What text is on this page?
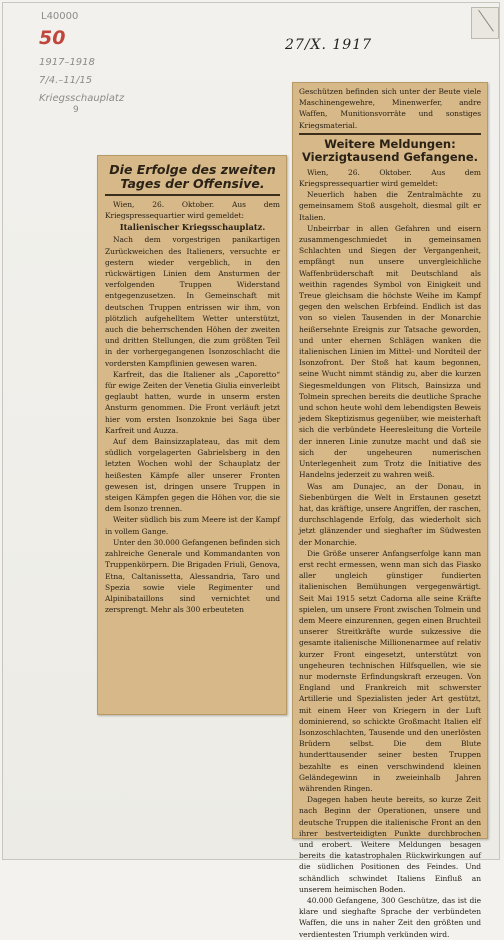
L40000
50
1917–1918
7/4.–11/15
Kriegsschauplatz
9
27/X. 1917
Die Erfolge des zweiten Tages der Offensive.

Wien, 26. Oktober. Aus dem Kriegspressequartier wird gemeldet:

Italienischer Kriegsschauplatz.

Nach dem vorgestrigen panikartigen Zurückweichen des Italieners, versuchte er gestern wieder vergeblich, in den rückwärtigen Linien dem Ansturmen der verfolgenden Truppen Widerstand entgegenzusetzen. In Gemeinschaft mit deutschen Truppen entrissen wir ihm, von plötzlich aufgehelltem Wetter unterstützt, auch die beherrschenden Höhen der zweiten und dritten Stellungen, die zum größten Teil in der vorhergegangenen Isonzoschlacht die vordersten Kampflinien gewesen waren.

Karfreit, das die Italiener als „Caporetto“ für ewige Zeiten der Venetia Giulia einverleibt geglaubt hatten, wurde in unserm ersten Ansturm genommen. Die Front verläuft jetzt hier vom ersten Isonzoknie bei Saga über Karfreit und Auzza.

Auf dem Bainsizzaplateau, das mit dem südlich vorgelagerten Gabrielsberg in den letzten Wochen wohl der Schauplatz der heißesten Kämpfe aller unserer Fronten gewesen ist, dringen unsere Truppen in steigen Kämpfen gegen die Höhen vor, die sie dem Isonzo trennen.

Weiter südlich bis zum Meere ist der Kampf in vollem Gange.

Unter den 30.000 Gefangenen befinden sich zahlreiche Generale und Kommandanten von Truppenkörpern. Die Brigaden Friuli, Genova, Etna, Caltanissetta, Alessandria, Taro und Spezia sowie viele Regimenter und Alpinibataillons sind vernichtet und zersprengt. Mehr als 300 erbeuteten

Geschützen befinden sich unter der Beute viele Maschinengewehre, Minenwerfer, andre Waffen, Munitionsvorräte und sonstiges Kriegsmaterial.

Weitere Meldungen: Vierzigtausend Gefangene.

Wien, 26. Oktober. Aus dem Kriegspressequartier wird gemeldet:

Neuerlich haben die Zentralmächte zu gemeinsamem Stoß ausgeholt, diesmal gilt er Italien.

Unbeirrbar in allen Gefahren und eisern zusammengeschmiedet in gemeinsamen Schlachten und Siegen der Vergangenheit, empfängt nun unsere unvergleichliche Waffenbrüderschaft mit Deutschland als weithin ragendes Symbol von Einigkeit und Treue gleichsam die höchste Weihe im Kampf gegen den welschen Erbfeind. Endlich ist das von so vielen Tausenden in der Monarchie heißersehnte Ereignis zur Tatsache geworden, und unter ehernen Schlägen wanken die italienischen Linien im Mittel- und Nordteil der Isonzofront. Der Stoß hat kaum begonnen, seine Wucht nimmt ständig zu, aber die kurzen Siegesmeldungen von Flitsch, Bainsizza und Tolmein sprechen bereits die deutliche Sprache und schon heute wohl dem lebendigsten Beweis jedem Skeptizismus gegenüber, wie meisterhaft sich die verbündete Heeresleitung die Vorteile der inneren Linie zunutze macht und daß sie sich der ungeheuren numerischen Unterlegenheit zum Trotz die Initiative des Handelns jederzeit zu wahren weiß.

Was am Dunajec, an der Donau, in Siebenbürgen die Welt in Erstaunen gesetzt hat, das kräftige, unsere Angriffen, der raschen, durchschlagende Erfolg, das wiederholt sich jetzt glänzender und sieghafter im Südwesten der Monarchie.

Die Größe unserer Anfangserfolge kann man erst recht ermessen, wenn man sich das Fiasko aller ungleich günstiger fundierten italienischen Bemühungen vergegenwärtigt. Seit Mai 1915 setzt Cadorna alle seine Kräfte spielen, um unsere Front zwischen Tolmein und dem Meere einzurennen, gegen einen Bruchteil unserer Streitkräfte wurde sukzessive die gesamte italienische Millionenarmee auf relativ kurzer Front eingesetzt, unterstützt von ungeheuren technischen Hilfsquellen, wie sie nur modernste Erfindungskraft erzeugen. Von England und Frankreich mit schwerster Artillerie und Spezialisten jeder Art gestützt, mit einem Heer von Kriegern in der Luft dominierend, so schickte Großmacht Italien elf Isonzoschlachten, Tausende und den unerlösten Brüdern selbst. Die dem Blute hunderttausender seiner besten Truppen bezahlte es einen verschwindend kleinen Geländegewinn in zweieinhalb Jahren währenden Ringen.

Dagegen haben heute bereits, so kurze Zeit nach Beginn der Operationen, unsere und deutsche Truppen die italienische Front an den ihrer bestverteidigten Punkte durchbrochen und erobert. Weitere Meldungen besagen bereits die katastrophalen Rückwirkungen auf die südlichen Positionen des Feindes. Und schändlich schwindet Italiens Einfluß an unserem heimischen Boden.

40.000 Gefangene, 300 Geschütze, das ist die klare und sieghafte Sprache der verbündeten Waffen, die uns in naher Zeit den größten und verdientesten Triumph verkünden wird.
